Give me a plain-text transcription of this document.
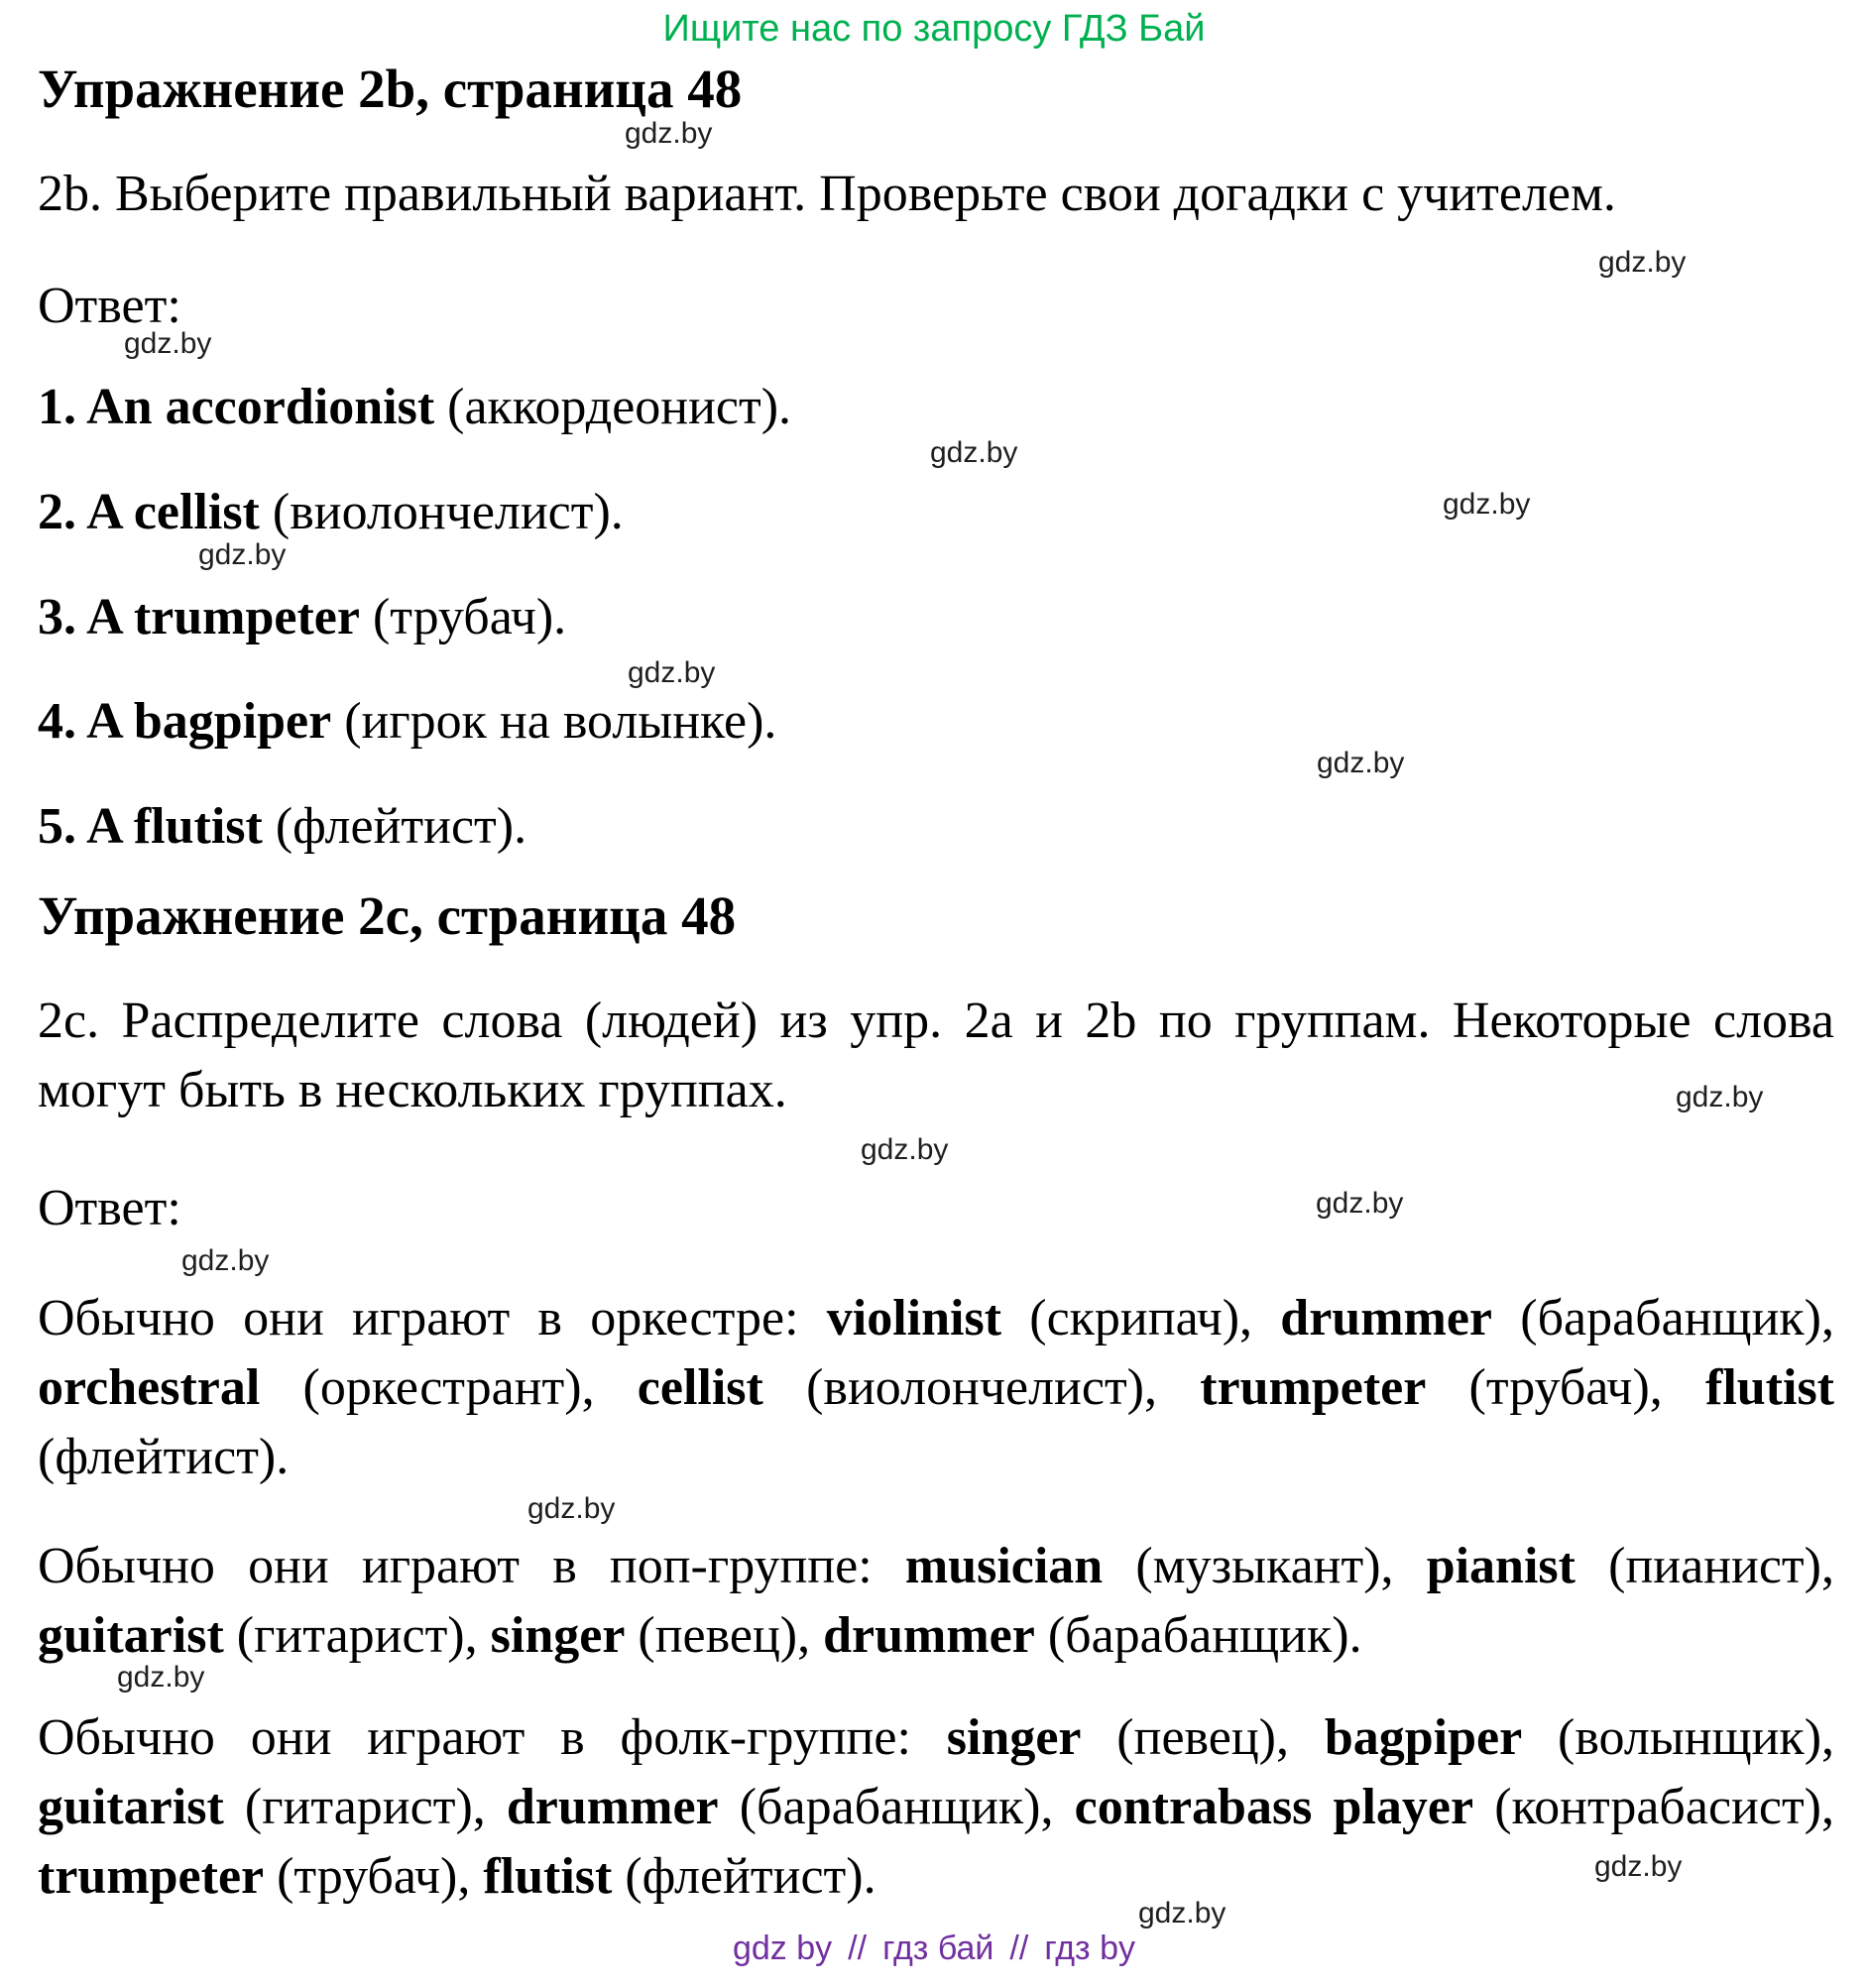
Ищите нас по запросу ГДЗ Бай
Упражнение 2b, страница 48
2b. Выберите правильный вариант. Проверьте свои догадки с учителем.
Ответ:
1. An accordionist (аккордеонист).
2. A cellist (виолончелист).
3. A trumpeter (трубач).
4. A bagpiper (игрок на волынке).
5. A flutist (флейтист).
Упражнение 2c, страница 48
2c. Распределите слова (людей) из упр. 2a и 2b по группам. Некоторые слова могут быть в нескольких группах.
Ответ:
Обычно они играют в оркестре: violinist (скрипач), drummer (барабанщик), orchestral (оркестрант), cellist (виолончелист), trumpeter (трубач), flutist (флейтист).
Обычно они играют в поп-группе: musician (музыкант), pianist (пианист), guitarist (гитарист), singer (певец), drummer (барабанщик).
Обычно они играют в фолк-группе: singer (певец), bagpiper (волынщик), guitarist (гитарист), drummer (барабанщик), contrabass player (контрабасист), trumpeter (трубач), flutist (флейтист).
gdz.by
gdz.by
gdz.by
gdz.by
gdz.by
gdz.by
gdz.by
gdz.by
gdz.by
gdz.by
gdz.by
gdz.by
gdz.by
gdz.by
gdz.by
gdz.by
gdz by // гдз бай // гдз by
